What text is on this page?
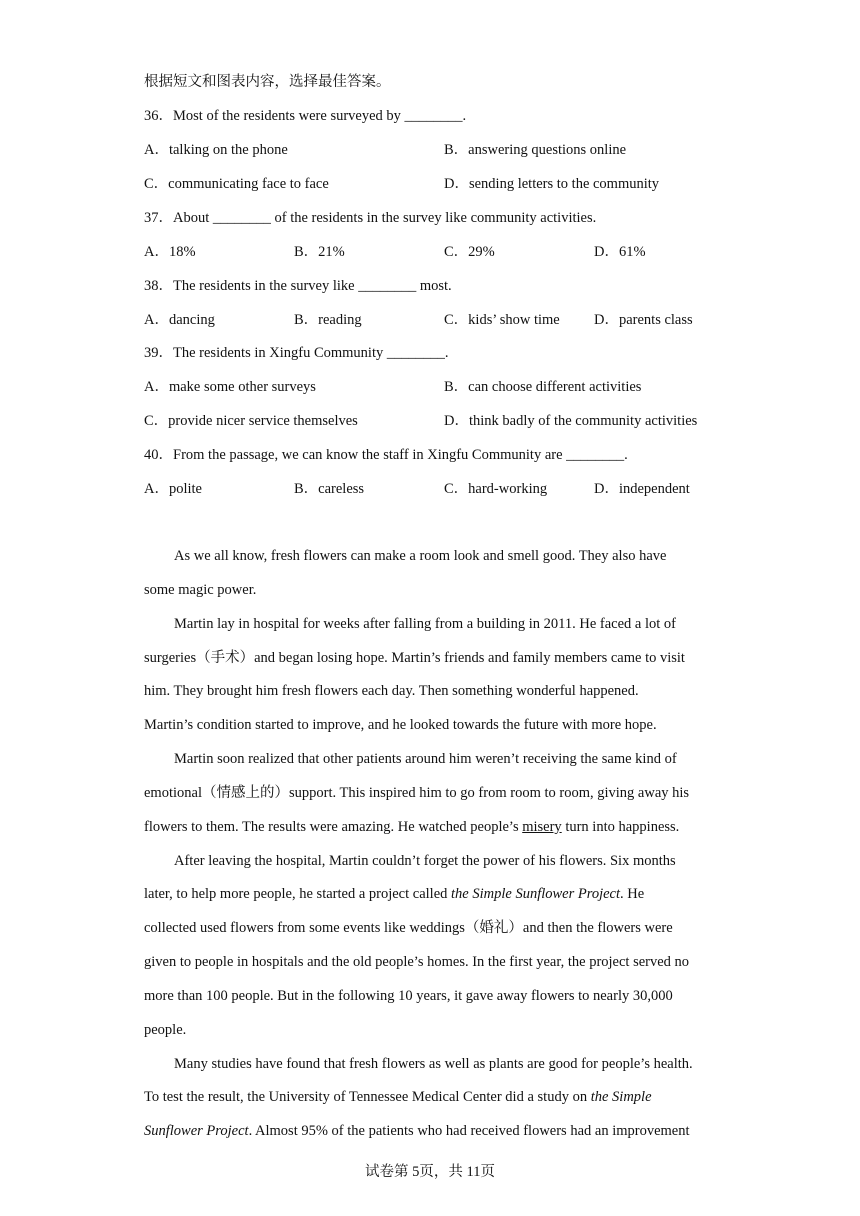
根据短文和图表内容，选择最佳答案。
36．Most of the residents were surveyed by ________.
A．talking on the phone	B．answering questions online
C．communicating face to face	D．sending letters to the community
37．About ________ of the residents in the survey like community activities.
A．18%	B．21%	C．29%	D．61%
38．The residents in the survey like ________ most.
A．dancing	B．reading	C．kids’ show time D．parents class
39．The residents in Xingfu Community ________.
A．make some other surveys	B．can choose different activities
C．provide nicer service themselves	D．think badly of the community activities
40．From the passage, we can know the staff in Xingfu Community are ________.
A．polite	B．careless	C．hard-working	D．independent
As we all know, fresh flowers can make a room look and smell good. They also have
some magic power.
Martin lay in hospital for weeks after falling from a building in 2011. He faced a lot of
surgeries（手术）and began losing hope. Martin’s friends and family members came to visit
him. They brought him fresh flowers each day. Then something wonderful happened.
Martin’s condition started to improve, and he looked towards the future with more hope.
Martin soon realized that other patients around him weren’t receiving the same kind of
emotional（情感上的）support. This inspired him to go from room to room, giving away his
flowers to them. The results were amazing. He watched people’s misery turn into happiness.
After leaving the hospital, Martin couldn’t forget the power of his flowers. Six months
later, to help more people, he started a project called the Simple Sunflower Project. He
collected used flowers from some events like weddings（婚礼）and then the flowers were
given to people in hospitals and the old people’s homes. In the first year, the project served no
more than 100 people. But in the following 10 years, it gave away flowers to nearly 30,000
people.
Many studies have found that fresh flowers as well as plants are good for people’s health.
To test the result, the University of Tennessee Medical Center did a study on the Simple
Sunflower Project. Almost 95% of the patients who had received flowers had an improvement
试卷第 5页，共 11页
